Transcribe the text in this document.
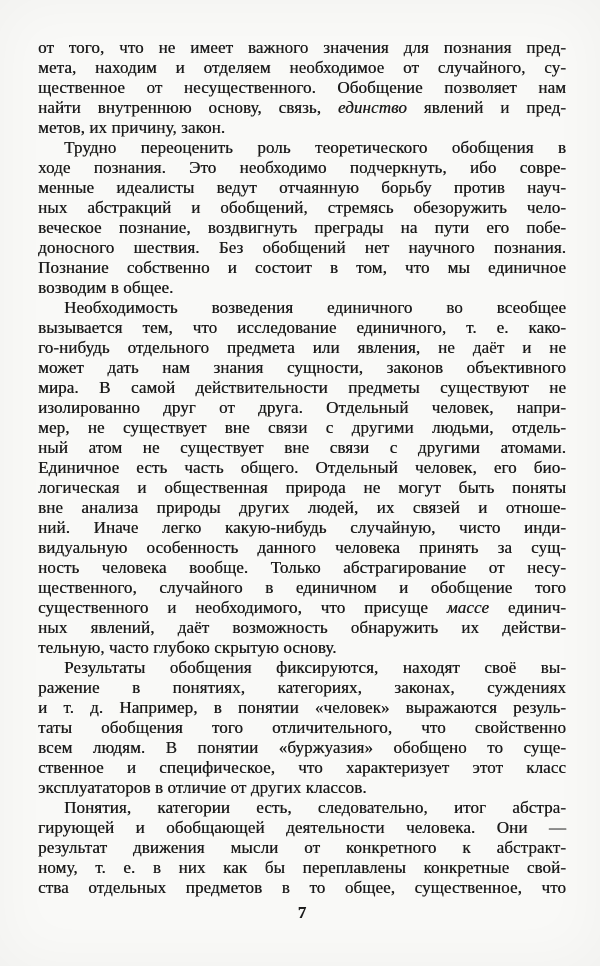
от того, что не имеет важного значения для познания пред-
мета, находим и отделяем необходимое от случайного, су-
щественное от несущественного. Обобщение позволяет нам
найти внутреннюю основу, связь, единство явлений и пред-
метов, их причину, закон.
Трудно переоценить роль теоретического обобщения в
ходе познания. Это необходимо подчеркнуть, ибо совре-
менные идеалисты ведут отчаянную борьбу против науч-
ных абстракций и обобщений, стремясь обезоружить чело-
веческое познание, воздвигнуть преграды на пути его побе-
доносного шествия. Без обобщений нет научного познания.
Познание собственно и состоит в том, что мы единичное
возводим в общее.
Необходимость возведения единичного во всеобщее
вызывается тем, что исследование единичного, т. е. како-
го-нибудь отдельного предмета или явления, не даёт и не
может дать нам знания сущности, законов объективного
мира. В самой действительности предметы существуют не
изолированно друг от друга. Отдельный человек, напри-
мер, не существует вне связи с другими людьми, отдель-
ный атом не существует вне связи с другими атомами.
Единичное есть часть общего. Отдельный человек, его био-
логическая и общественная природа не могут быть поняты
вне анализа природы других людей, их связей и отноше-
ний. Иначе легко какую-нибудь случайную, чисто инди-
видуальную особенность данного человека принять за сущ-
ность человека вообще. Только абстрагирование от несу-
щественного, случайного в единичном и обобщение того
существенного и необходимого, что присуще массе единич-
ных явлений, даёт возможность обнаружить их действи-
тельную, часто глубоко скрытую основу.
Результаты обобщения фиксируются, находят своё вы-
ражение в понятиях, категориях, законах, суждениях
и т. д. Например, в понятии «человек» выражаются резуль-
таты обобщения того отличительного, что свойственно
всем людям. В понятии «буржуазия» обобщено то суще-
ственное и специфическое, что характеризует этот класс
эксплуататоров в отличие от других классов.
Понятия, категории есть, следовательно, итог абстра-
гирующей и обобщающей деятельности человека. Они —
результат движения мысли от конкретного к абстракт-
ному, т. е. в них как бы переплавлены конкретные свой-
ства отдельных предметов в то общее, существенное, что
7
